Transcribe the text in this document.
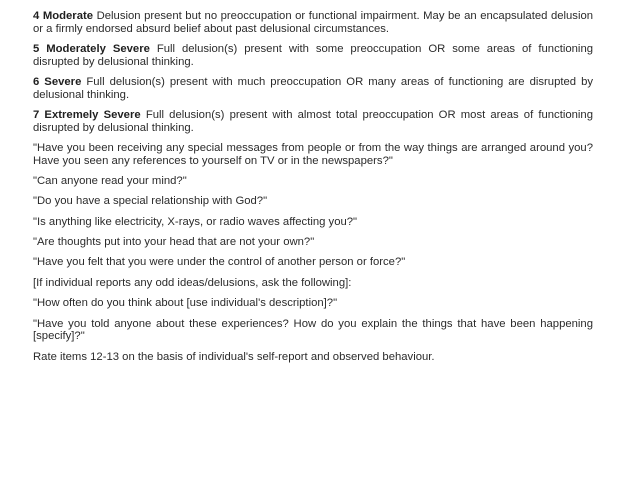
4 Moderate Delusion present but no preoccupation or functional impairment. May be an encapsulated delusion or a firmly endorsed absurd belief about past delusional circumstances.

5 Moderately Severe Full delusion(s) present with some preoccupation OR some areas of functioning disrupted by delusional thinking.

6 Severe Full delusion(s) present with much preoccupation OR many areas of functioning are disrupted by delusional thinking.

7 Extremely Severe Full delusion(s) present with almost total preoccupation OR most areas of functioning disrupted by delusional thinking.

"Have you been receiving any special messages from people or from the way things are arranged around you? Have you seen any references to yourself on TV or in the newspapers?"

"Can anyone read your mind?"

"Do you have a special relationship with God?"

"Is anything like electricity, X-rays, or radio waves affecting you?"

"Are thoughts put into your head that are not your own?"

"Have you felt that you were under the control of another person or force?"

[If individual reports any odd ideas/delusions, ask the following]:

"How often do you think about [use individual's description]?"

"Have you told anyone about these experiences? How do you explain the things that have been happening [specify]?"

Rate items 12-13 on the basis of individual's self-report and observed behaviour.
